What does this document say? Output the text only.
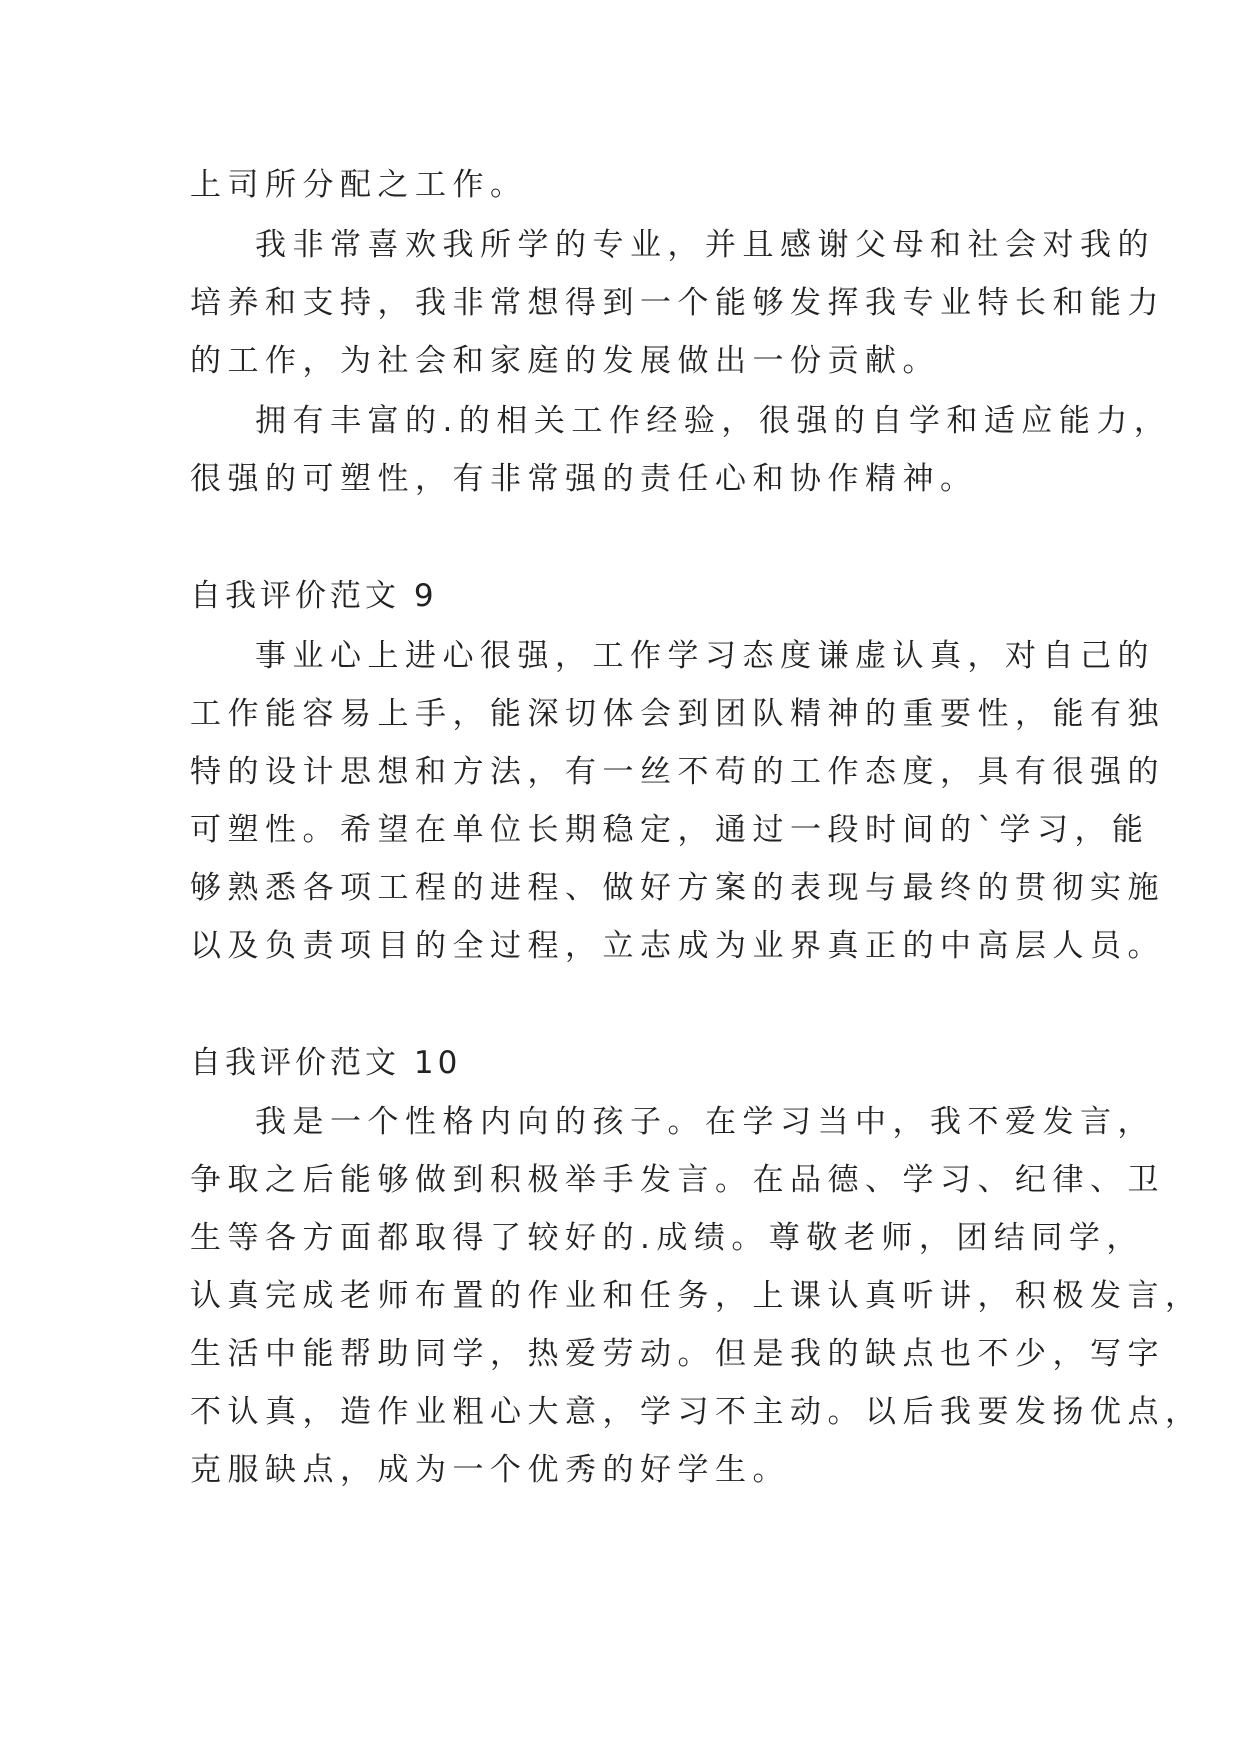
上司所分配之工作。

我非常喜欢我所学的专业，并且感谢父母和社会对我的

培养和支持，我非常想得到一个能够发挥我专业特长和能力

的工作，为社会和家庭的发展做出一份贡献。

拥有丰富的.的相关工作经验，很强的自学和适应能力，

很强的可塑性，有非常强的责任心和协作精神。

自我评价范文 9

事业心上进心很强，工作学习态度谦虚认真，对自己的

工作能容易上手，能深切体会到团队精神的重要性，能有独

特的设计思想和方法，有一丝不苟的工作态度，具有很强的

可塑性。希望在单位长期稳定，通过一段时间的`学习，能

够熟悉各项工程的进程、做好方案的表现与最终的贯彻实施

以及负责项目的全过程，立志成为业界真正的中高层人员。

自我评价范文 10

我是一个性格内向的孩子。在学习当中，我不爱发言，

争取之后能够做到积极举手发言。在品德、学习、纪律、卫

生等各方面都取得了较好的.成绩。尊敬老师，团结同学，

认真完成老师布置的作业和任务，上课认真听讲，积极发言，

生活中能帮助同学，热爱劳动。但是我的缺点也不少，写字

不认真，造作业粗心大意，学习不主动。以后我要发扬优点，

克服缺点，成为一个优秀的好学生。
